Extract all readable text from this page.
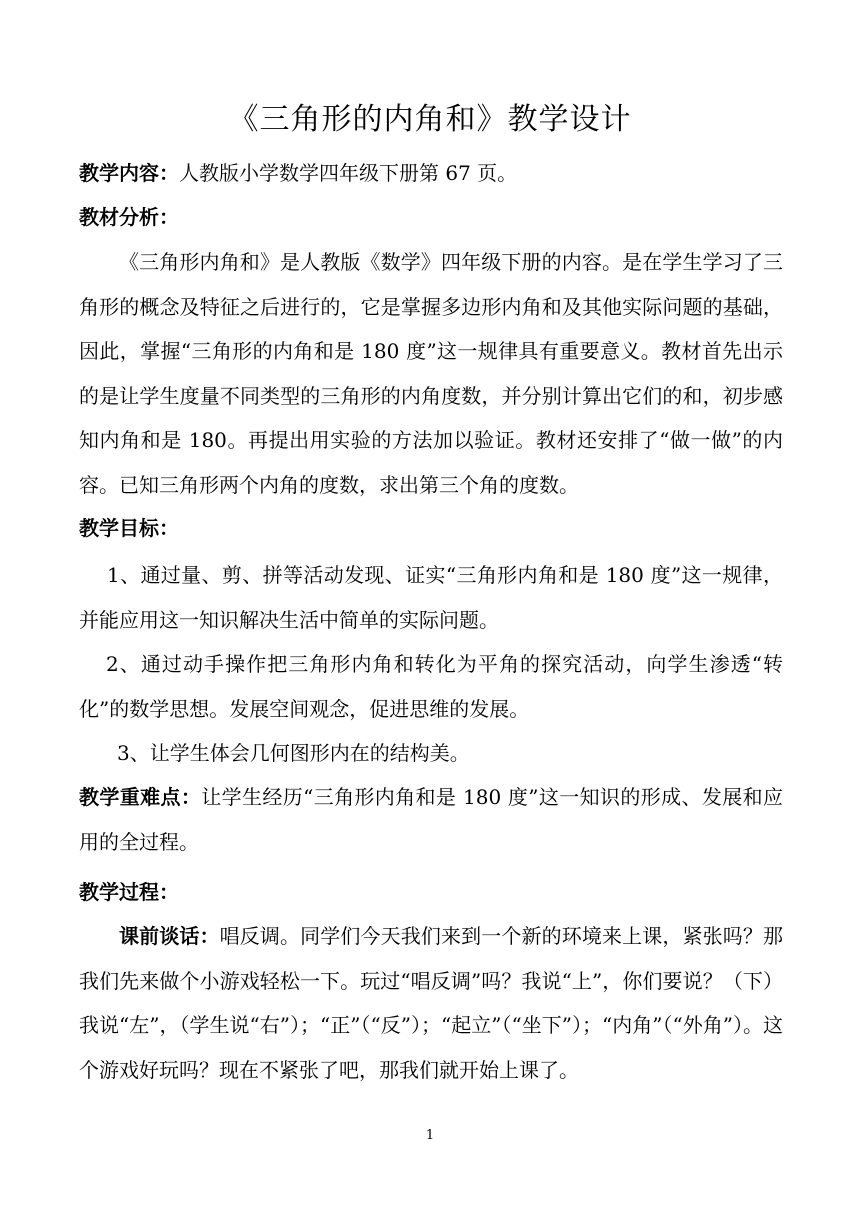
《三角形的内角和》教学设计
教学内容：人教版小学数学四年级下册第 67 页。
教材分析：
《三角形内角和》是人教版《数学》四年级下册的内容。是在学生学习了三角形的概念及特征之后进行的，它是掌握多边形内角和及其他实际问题的基础，因此，掌握“三角形的内角和是 180 度”这一规律具有重要意义。教材首先出示的是让学生度量不同类型的三角形的内角度数，并分别计算出它们的和，初步感知内角和是 180。再提出用实验的方法加以验证。教材还安排了“做一做”的内容。已知三角形两个内角的度数，求出第三个角的度数。
教学目标：
1、通过量、剪、拼等活动发现、证实“三角形内角和是 180 度”这一规律，并能应用这一知识解决生活中简单的实际问题。
2、通过动手操作把三角形内角和转化为平角的探究活动，向学生渗透“转化”的数学思想。发展空间观念，促进思维的发展。
3、让学生体会几何图形内在的结构美。
教学重难点：让学生经历“三角形内角和是 180 度”这一知识的形成、发展和应用的全过程。
教学过程：
课前谈话：唱反调。同学们今天我们来到一个新的环境来上课，紧张吗？那我们先来做个小游戏轻松一下。玩过“唱反调”吗？我说“上”，你们要说？（下）我说“左”，（学生说“右”）；“正”（“反”）；“起立”（“坐下”）；“内角”（“外角”）。这个游戏好玩吗？现在不紧张了吧，那我们就开始上课了。
1
